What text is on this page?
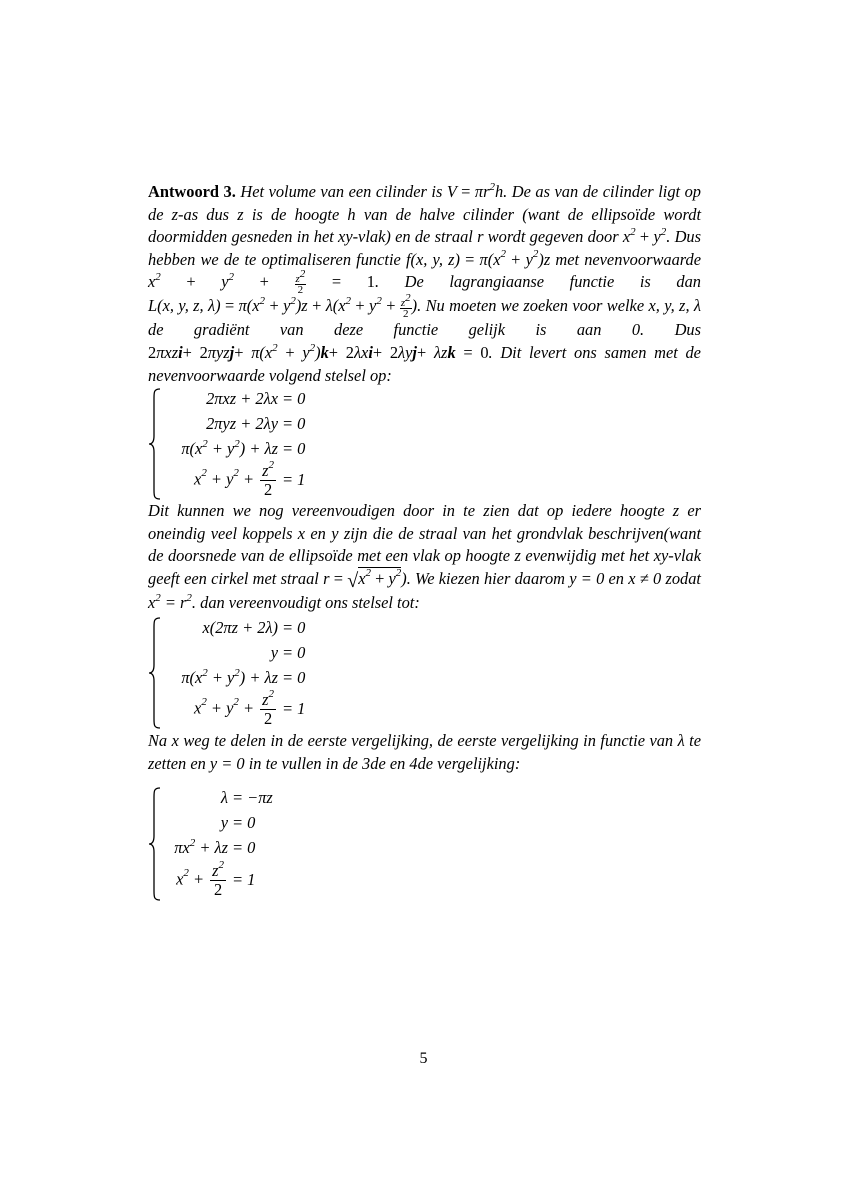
Antwoord 3. Het volume van een cilinder is $V = \pi r^2h$. De as van de cilinder ligt op de z-as dus z is de hoogte h van de halve cilinder (want de ellipsoïde wordt doormidden gesneden in het xy-vlak) en de straal r wordt gegeven door $x^2 + y^2$. Dus hebben we de te optimaliseren functie f(x, y, $z) = \pi(x^2 + y^2)z$ met nevenvoorwaarde $x^2 + y^2 + \frac{z^2}{2} = 1$. De lagrangiaanse functie is dan L(x, y, z, $\lambda) = \pi(x^2 + y^2)z + \lambda(x^2 + y^2 + \frac{z^2}{2}$ ). Nu moeten we zoeken voor welke x, y, z, λ de gradiënt van deze functie gelijk is aan 0. Dus $2\pi xzi+ 2\pi yzj+ \pi(x^2 + y^2)k+ 2\lambda xi+ 2\lambda yj+ \lambda zk = 0$. Dit levert ons samen met de nevenvoorwaarde volgend stelsel op:

2πxz + 2λx = 0
2πyz + 2λy = 0
$\pi(x^2 + y^2) + \lambda z = 0$
$x^2 + y^2 + \frac{z^2}{2} = 1$

Dit kunnen we nog vereenvoudigen door in te zien dat op iedere hoogte z er oneindig veel koppels x en y zijn die de straal van het grondvlak beschrijven(want de doorsnede van de ellipsoïde met een vlak op hoogte z evenwijdig met het xy-vlak geeft een cirkel met straal $r = √x^2 + y^2$). We kiezen hier daarom y = 0 en x ≠ 0 zodat $x^2 = r^2$. dan vereenvoudigt ons stelsel tot:

x(2πz + 2λ) = 0
y = 0
$\pi(x^2 + y^2) + \lambda z = 0$
$x^2 + y^2 + \frac{z^2}{2} = 1$

Na x weg te delen in de eerste vergelijking, de eerste vergelijking in functie van λ te zetten en y = 0 in te vullen in de 3de en 4de vergelijking:

λ = −πz
y = 0
$\pi x^2 + \lambda z = 0$
$x^2 + \frac{z^2}{2} = 1$
5
